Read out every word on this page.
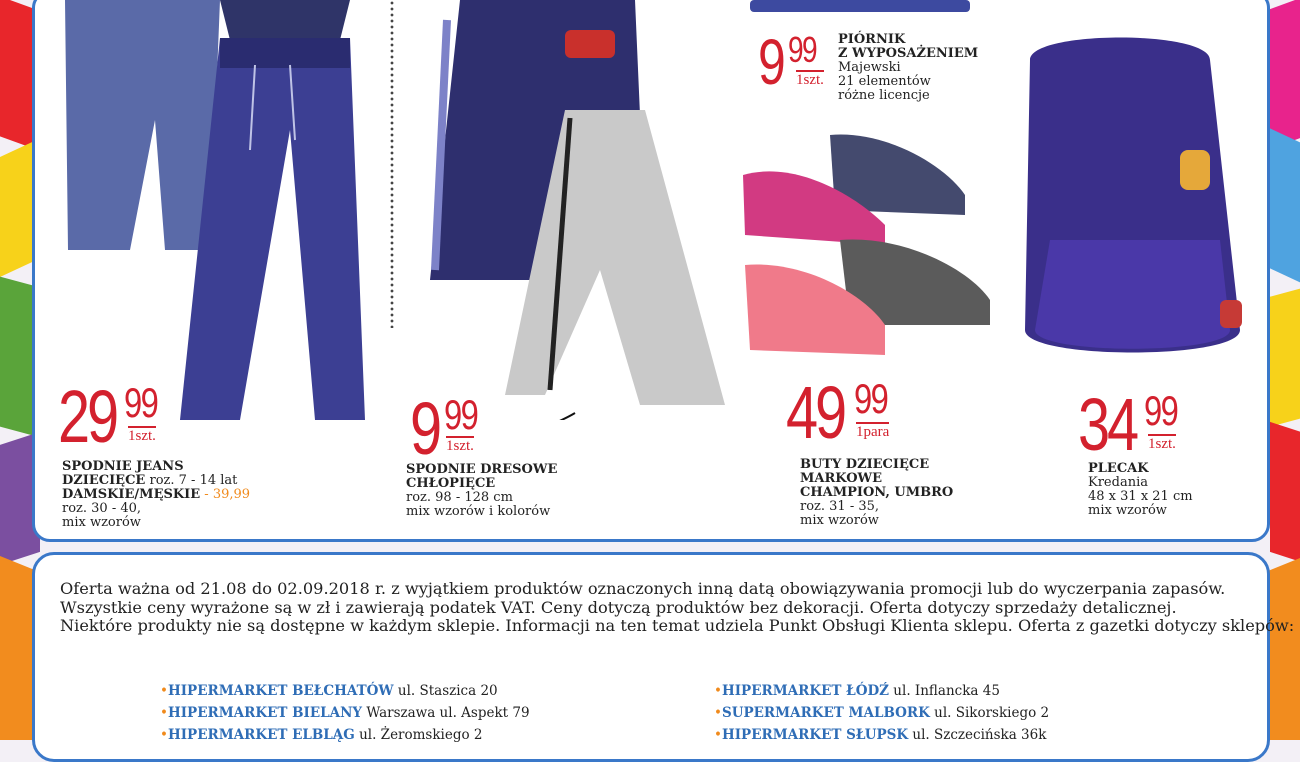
29 99
1szt.
SPODNIE JEANS
DZIECIĘCE roz. 7 - 14 lat
DAMSKIE/MĘSKIE - 39,99
roz. 30 - 40,
mix wzorów
9 99
1szt.
SPODNIE DRESOWE
CHŁOPIĘCE
roz. 98 - 128 cm
mix wzorów i kolorów
49 99
1para
BUTY DZIECIĘCE
MARKOWE
CHAMPION, UMBRO
roz. 31 - 35,
mix wzorów
34 99
1szt.
PLECAK
Kredania
48 x 31 x 21 cm
mix wzorów
9 99
1szt.
PIÓRNIK
Z WYPOSAŻENIEM
Majewski
21 elementów
różne licencje
Oferta ważna od 21.08 do 02.09.2018 r. z wyjątkiem produktów oznaczonych inną datą obowiązywania promocji lub do wyczerpania zapasów.
Wszystkie ceny wyrażone są w zł i zawierają podatek VAT. Ceny dotyczą produktów bez dekoracji. Oferta dotyczy sprzedaży detalicznej.
Niektóre produkty nie są dostępne w każdym sklepie. Informacji na ten temat udziela Punkt Obsługi Klienta sklepu. Oferta z gazetki dotyczy sklepów:
•HIPERMARKET BEŁCHATÓW ul. Staszica 20
•HIPERMARKET BIELANY Warszawa ul. Aspekt 79
•HIPERMARKET ELBLĄG ul. Żeromskiego 2
•HIPERMARKET ŁÓDŹ ul. Inflancka 45
•SUPERMARKET MALBORK ul. Sikorskiego 2
•HIPERMARKET SŁUPSK ul. Szczecińska 36k
